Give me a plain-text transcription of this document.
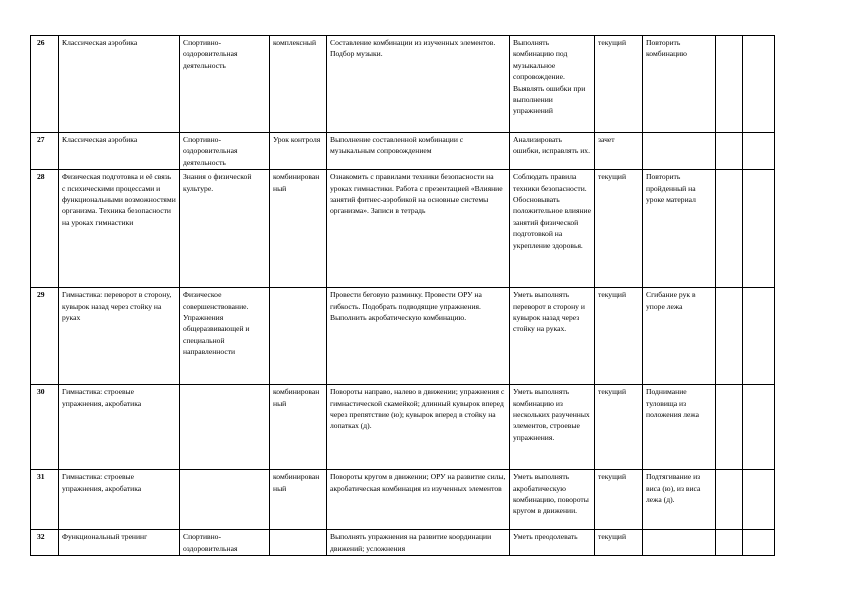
26	Классическая аэробика	Спортивно-оздоровительная деятельность	комплексный	Составление комбинации из изученных элементов. Подбор музыки.	Выполнять комбинацию под музыкальное сопровождение. Выявлять ошибки при выполнении упражнений	текущий	Повторить комбинацию		
27	Классическая аэробика	Спортивно-оздоровительная деятельность	Урок контроля	Выполнение составленной комбинации с музыкальным сопровождением	Анализировать ошибки, исправлять их.	зачет			
28	Физическая подготовка и её связь с психическими процессами и функциональными возможностями организма. Техника безопасности на уроках гимнастики	Знания о физической культуре.	комбинированный	Ознакомить с правилами техники безопасности на уроках гимнастики. Работа с презентацией «Влияние занятий фитнес-аэробикой на основные системы организма». Записи в тетрадь	Соблюдать правила техники безопасности. Обосновывать положительное влияние занятий физической подготовкой на укрепление здоровья.	текущий	Повторить пройденный на уроке материал		
29	Гимнастика: переворот в сторону, кувырок назад через стойку на руках	Физическое совершенствование. Упражнения общеразвивающей и специальной направленности		Провести беговую разминку. Провести ОРУ на гибкость. Подобрать подводящие упражнения. Выполнить акробатическую комбинацию.	Уметь выполнять переворот в сторону и кувырок назад через стойку на руках.	текущий	Сгибание рук в упоре лежа		
30	Гимнастика: строевые упражнения, акробатика		комбинированный	Повороты направо, налево в движении; упражнения с гимнастической скамейкой; длинный кувырок вперед через препятствие (ю); кувырок вперед в стойку на лопатках (д).	Уметь выполнять комбинацию из нескольких разученных элементов, строевые упражнения.	текущий	Поднимание туловища из положения лежа		
31	Гимнастика: строевые упражнения, акробатика		комбинированный	Повороты кругом в движении; ОРУ на развитие силы, акробатическая комбинация из изученных элементов	Уметь выполнять акробатическую комбинацию, повороты кругом в движении.	текущий	Подтягивание из виса (ю), из виса лежа (д).		
32	Функциональный тренинг	Спортивно-оздоровительная		Выполнять упражнения на развитие координации движений; усложнения	Уметь преодолевать	текущий			
